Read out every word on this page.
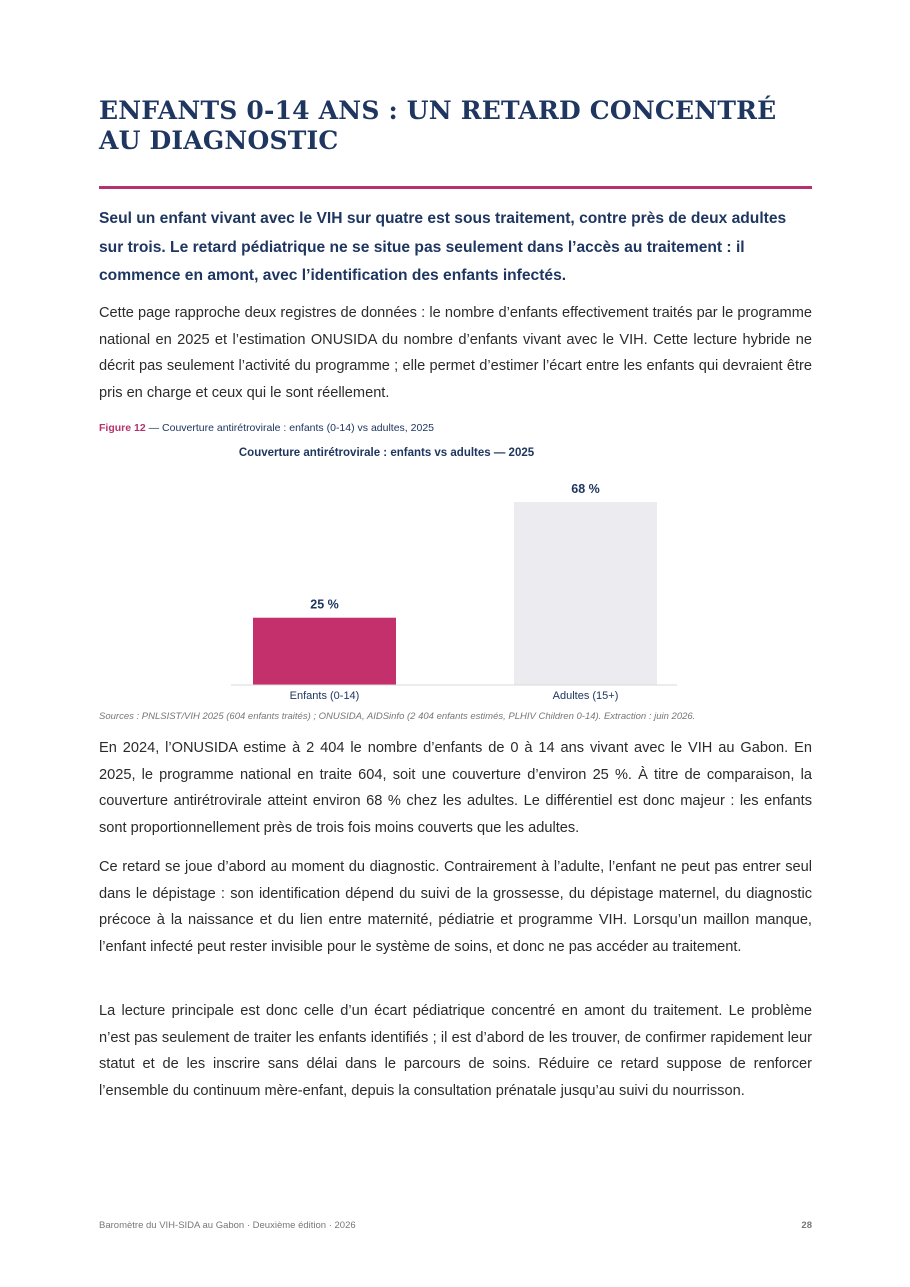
ENFANTS 0-14 ANS : UN RETARD CONCENTRÉ AU DIAGNOSTIC

Seul un enfant vivant avec le VIH sur quatre est sous traitement, contre près de deux adultes sur trois. Le retard pédiatrique ne se situe pas seulement dans l’accès au traitement : il commence en amont, avec l’identification des enfants infectés.

Cette page rapproche deux registres de données : le nombre d’enfants effectivement traités par le programme national en 2025 et l’estimation ONUSIDA du nombre d’enfants vivant avec le VIH. Cette lecture hybride ne décrit pas seulement l’activité du programme ; elle permet d’estimer l’écart entre les enfants qui devraient être pris en charge et ceux qui le sont réellement.

Figure 12 — Couverture antirétrovirale : enfants (0-14) vs adultes, 2025
Couverture antirétrovirale : enfants vs adultes — 2025
25 %
Enfants (0-14)
68 %
Adultes (15+)
Sources : PNLSIST/VIH 2025 (604 enfants traités) ; ONUSIDA, AIDSinfo (2 404 enfants estimés, PLHIV Children 0-14). Extraction : juin 2026.

En 2024, l’ONUSIDA estime à 2 404 le nombre d’enfants de 0 à 14 ans vivant avec le VIH au Gabon. En 2025, le programme national en traite 604, soit une couverture d’environ 25 %. À titre de comparaison, la couverture antirétrovirale atteint environ 68 % chez les adultes. Le différentiel est donc majeur : les enfants sont proportionnellement près de trois fois moins couverts que les adultes.

Ce retard se joue d’abord au moment du diagnostic. Contrairement à l’adulte, l’enfant ne peut pas entrer seul dans le dépistage : son identification dépend du suivi de la grossesse, du dépistage maternel, du diagnostic précoce à la naissance et du lien entre maternité, pédiatrie et programme VIH. Lorsqu’un maillon manque, l’enfant infecté peut rester invisible pour le système de soins, et donc ne pas accéder au traitement.

La lecture principale est donc celle d’un écart pédiatrique concentré en amont du traitement. Le problème n’est pas seulement de traiter les enfants identifiés ; il est d’abord de les trouver, de confirmer rapidement leur statut et de les inscrire sans délai dans le parcours de soins. Réduire ce retard suppose de renforcer l’ensemble du continuum mère-enfant, depuis la consultation prénatale jusqu’au suivi du nourrisson.

Baromètre du VIH-SIDA au Gabon · Deuxième édition · 2026	28
